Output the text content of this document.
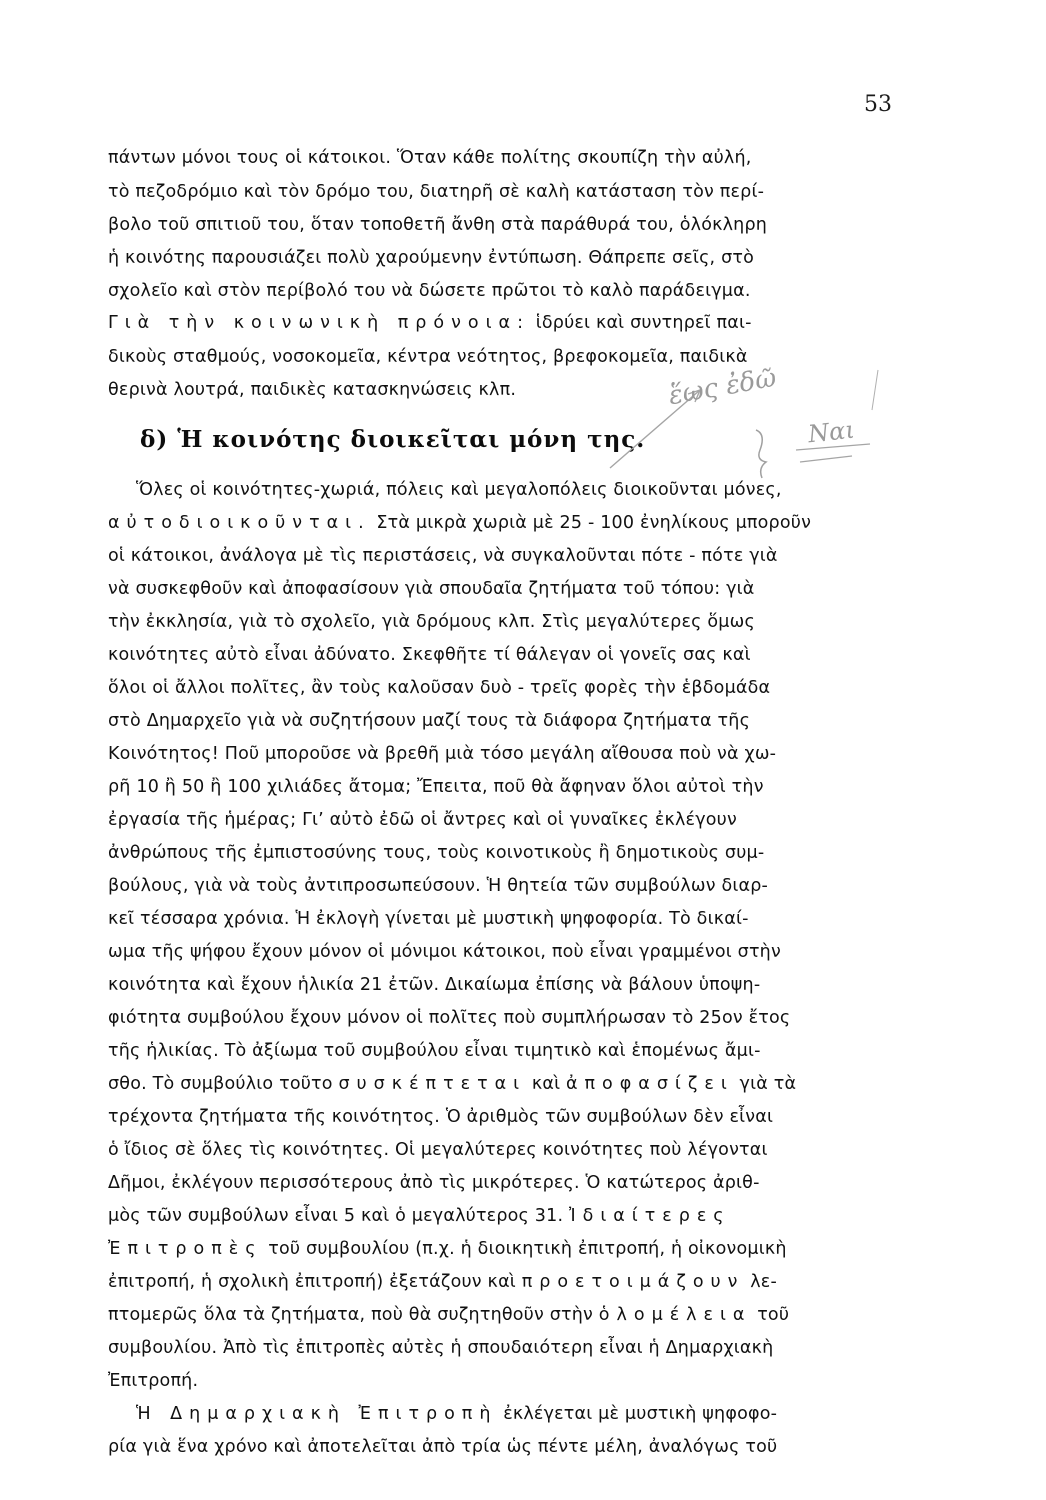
53
πάντων μόνοι τους οἱ κάτοικοι. Ὅταν κάθε πολίτης σκουπίζη τὴν αὐλή,
τὸ πεζοδρόμιο καὶ τὸν δρόμο του, διατηρῆ σὲ καλὴ κατάσταση τὸν περί-
βολο τοῦ σπιτιοῦ του, ὅταν τοποθετῆ ἄνθη στὰ παράθυρά του, ὁλόκληρη
ἡ κοινότης παρουσιάζει πολὺ χαρούμενην ἐντύπωση. Θάπρεπε σεῖς, στὸ
σχολεῖο καὶ στὸν περίβολό του νὰ δώσετε πρῶτοι τὸ καλὸ παράδειγμα.
Γιὰ τὴν κοινωνικὴ πρόνοια: ἱδρύει καὶ συντηρεῖ παι-
δικοὺς σταθμούς, νοσοκομεῖα, κέντρα νεότητος, βρεφοκομεῖα, παιδικὰ
θερινὰ λουτρά, παιδικὲς κατασκηνώσεις κλπ.
Ὅλες οἱ κοινότητες-χωριά, πόλεις καὶ μεγαλοπόλεις διοικοῦνται μόνες,
αὐτοδιοικοῦνται. Στὰ μικρὰ χωριὰ μὲ 25 - 100 ἐνηλίκους μποροῦν
οἱ κάτοικοι, ἀνάλογα μὲ τὶς περιστάσεις, νὰ συγκαλοῦνται πότε - πότε γιὰ
νὰ συσκεφθοῦν καὶ ἀποφασίσουν γιὰ σπουδαῖα ζητήματα τοῦ τόπου: γιὰ
τὴν ἐκκλησία, γιὰ τὸ σχολεῖο, γιὰ δρόμους κλπ. Στὶς μεγαλύτερες ὅμως
κοινότητες αὐτὸ εἶναι ἀδύνατο. Σκεφθῆτε τί θάλεγαν οἱ γονεῖς σας καὶ
ὅλοι οἱ ἄλλοι πολῖτες, ἂν τοὺς καλοῦσαν δυὸ - τρεῖς φορὲς τὴν ἑβδομάδα
στὸ Δημαρχεῖο γιὰ νὰ συζητήσουν μαζί τους τὰ διάφορα ζητήματα τῆς
Κοινότητος! Ποῦ μποροῦσε νὰ βρεθῆ μιὰ τόσο μεγάλη αἴθουσα ποὺ νὰ χω-
ρῆ 10 ἢ 50 ἢ 100 χιλιάδες ἄτομα; Ἔπειτα, ποῦ θὰ ἄφηναν ὅλοι αὐτοὶ τὴν
ἐργασία τῆς ἡμέρας; Γι’ αὐτὸ ἐδῶ οἱ ἄντρες καὶ οἱ γυναῖκες ἐκλέγουν
ἀνθρώπους τῆς ἐμπιστοσύνης τους, τοὺς κοινοτικοὺς ἢ δημοτικοὺς συμ-
βούλους, γιὰ νὰ τοὺς ἀντιπροσωπεύσουν. Ἡ θητεία τῶν συμβούλων διαρ-
κεῖ τέσσαρα χρόνια. Ἡ ἐκλογὴ γίνεται μὲ μυστικὴ ψηφοφορία. Τὸ δικαί-
ωμα τῆς ψήφου ἔχουν μόνον οἱ μόνιμοι κάτοικοι, ποὺ εἶναι γραμμένοι στὴν
κοινότητα καὶ ἔχουν ἡλικία 21 ἐτῶν. Δικαίωμα ἐπίσης νὰ βάλουν ὑποψη-
φιότητα συμβούλου ἔχουν μόνον οἱ πολῖτες ποὺ συμπλήρωσαν τὸ 25ον ἔτος
τῆς ἡλικίας. Τὸ ἀξίωμα τοῦ συμβούλου εἶναι τιμητικὸ καὶ ἑπομένως ἄμι-
σθο. Τὸ συμβούλιο τοῦτο συσκέπτεται καὶ ἀποφασίζει γιὰ τὰ
τρέχοντα ζητήματα τῆς κοινότητος. Ὁ ἀριθμὸς τῶν συμβούλων δὲν εἶναι
ὁ ἴδιος σὲ ὅλες τὶς κοινότητες. Οἱ μεγαλύτερες κοινότητες ποὺ λέγονται
Δῆμοι, ἐκλέγουν περισσότερους ἀπὸ τὶς μικρότερες. Ὁ κατώτερος ἀριθ-
μὸς τῶν συμβούλων εἶναι 5 καὶ ὁ μεγαλύτερος 31. Ἰδιαίτερες
Ἐπιτροπὲς τοῦ συμβουλίου (π.χ. ἡ διοικητικὴ ἐπιτροπή, ἡ οἰκονομικὴ
ἐπιτροπή, ἡ σχολικὴ ἐπιτροπή) ἐξετάζουν καὶ προετοιμάζουν λε-
πτομερῶς ὅλα τὰ ζητήματα, ποὺ θὰ συζητηθοῦν στὴν ὁλομέλεια τοῦ
συμβουλίου. Ἀπὸ τὶς ἐπιτροπὲς αὐτὲς ἡ σπουδαιότερη εἶναι ἡ Δημαρχιακὴ
Ἐπιτροπή.
Ἡ Δημαρχιακὴ Ἐπιτροπὴ ἐκλέγεται μὲ μυστικὴ ψηφοφο-
ρία γιὰ ἕνα χρόνο καὶ ἀποτελεῖται ἀπὸ τρία ὡς πέντε μέλη, ἀναλόγως τοῦ
δ) Ἡ κοινότης διοικεῖται μόνη της.
ἕως ἐδῶ
Ναι
